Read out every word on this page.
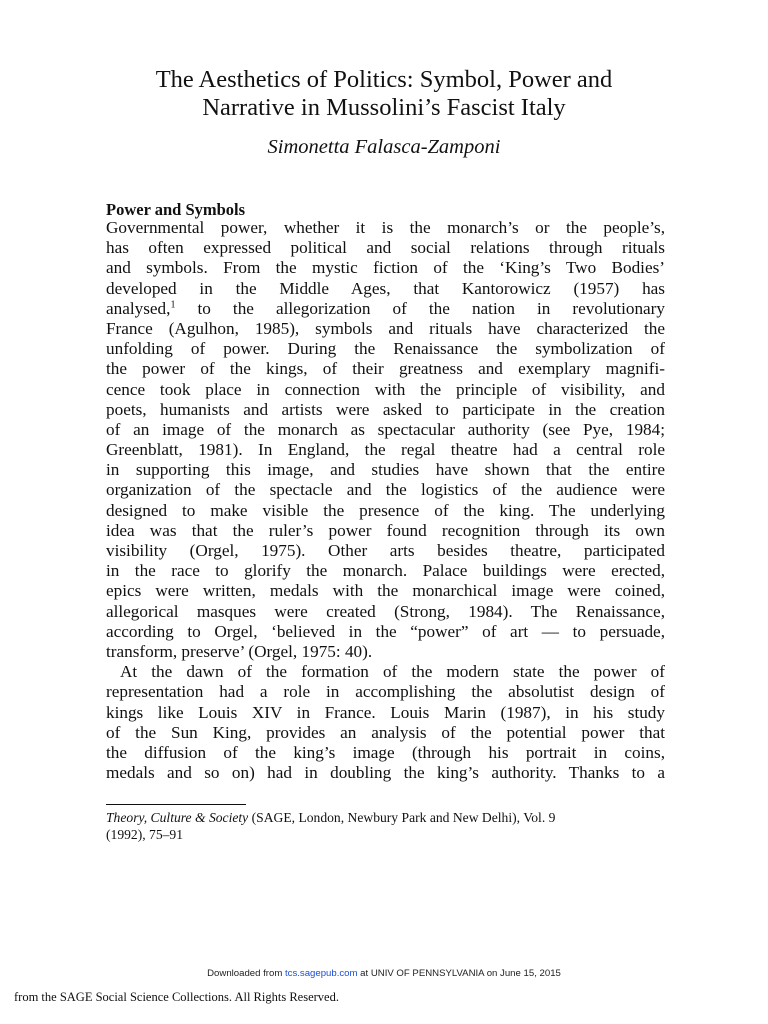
The Aesthetics of Politics: Symbol, Power and
Narrative in Mussolini’s Fascist Italy

Simonetta Falasca-Zamponi

Power and Symbols
Governmental power, whether it is the monarch’s or the people’s,
has often expressed political and social relations through rituals
and symbols. From the mystic fiction of the ‘King’s Two Bodies’
developed in the Middle Ages, that Kantorowicz (1957) has
analysed,$^1$ to the allegorization of the nation in revolutionary
France (Agulhon, 1985), symbols and rituals have characterized the
unfolding of power. During the Renaissance the symbolization of
the power of the kings, of their greatness and exemplary magnifi-
cence took place in connection with the principle of visibility, and
poets, humanists and artists were asked to participate in the creation
of an image of the monarch as spectacular authority (see Pye, 1984;
Greenblatt, 1981). In England, the regal theatre had a central role
in supporting this image, and studies have shown that the entire
organization of the spectacle and the logistics of the audience were
designed to make visible the presence of the king. The underlying
idea was that the ruler’s power found recognition through its own
visibility (Orgel, 1975). Other arts besides theatre, participated
in the race to glorify the monarch. Palace buildings were erected,
epics were written, medals with the monarchical image were coined,
allegorical masques were created (Strong, 1984). The Renaissance,
according to Orgel, ‘believed in the “power” of art — to persuade,
transform, preserve’ (Orgel, 1975: 40).
At the dawn of the formation of the modern state the power of
representation had a role in accomplishing the absolutist design of
kings like Louis XIV in France. Louis Marin (1987), in his study
of the Sun King, provides an analysis of the potential power that
the diffusion of the king’s image (through his portrait in coins,
medals and so on) had in doubling the king’s authority. Thanks to a
Theory, Culture & Society (SAGE, London, Newbury Park and New Delhi), Vol. 9
(1992), 75–91
Downloaded from tcs.sagepub.com at UNIV OF PENNSYLVANIA on June 15, 2015
from the SAGE Social Science Collections. All Rights Reserved.
